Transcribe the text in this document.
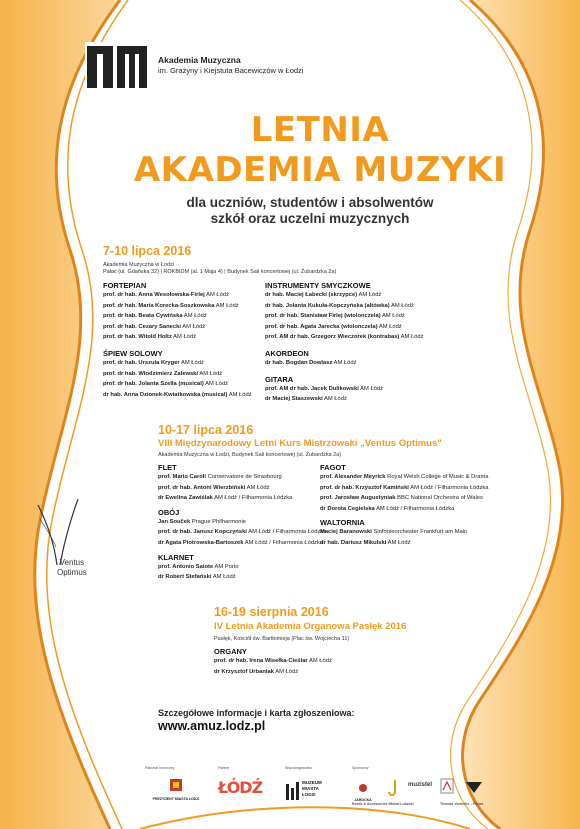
Akademia Muzyczna
im. Grażyny i Kiejstuta Bacewiczów w Łodzi
LETNIA
AKADEMIA MUZYKI
dla uczniów, studentów i absolwentów
szkół oraz uczelni muzycznych
7-10 lipca 2016
Akademia Muzyczna w Łodzi
Pałac (ul. Gdańska 32) | ROKBIDM (al. 1 Maja 4) | Budynek Sali koncertowej (ul. Żubardzka 2a)
FORTEPIAN
prof. dr hab. Anna Wesołowska-Firlej AM Łódź
prof. dr hab. Maria Korecka-Soszkowska AM Łódź
prof. dr hab. Beata Cywińska AM Łódź
prof. dr hab. Cezary Sanecki AM Łódź
prof. dr hab. Witold Holtz AM Łódź
ŚPIEW SOLOWY
prof. dr hab. Urszula Kryger AM Łódź
prof. dr hab. Włodzimierz Zalewski AM Łódź
prof. dr hab. Jolanta Szella (musical) AM Łódź
dr hab. Anna Dzionek-Kwiatkowska (musical) AM Łódź
INSTRUMENTY SMYCZKOWE
dr hab. Maciej Łabecki (skrzypce) AM Łódź
dr hab. Jolanta Kukuła-Kopczyńska (altówka) AM Łódź
prof. dr hab. Stanisław Firlej (wiolonczela) AM Łódź
prof. dr hab. Agata Jarecka (wiolonczela) AM Łódź
prof. AM dr hab. Grzegorz Wieczorek (kontrabas) AM Łódź
AKORDEON
dr hab. Bogdan Dowlasz AM Łódź
GITARA
prof. AM dr hab. Jacek Dulikowski AM Łódź
dr Maciej Staszewski AM Łódź
10-17 lipca 2016
VIII Międzynarodowy Letni Kurs Mistrzowski „Ventus Optimus"
Akademia Muzyczna w Łodzi, Budynek Sali koncertowej (ul. Żubardzka 2a)
FLET
prof. Mario Caroli Conservatoire de Strasbourg
prof. dr hab. Antoni Wierzbiński AM Łódź
dr Ewelina Zawiślak AM Łódź / Filharmonia Łódzka
OBÓJ
Jan Souček Prague Philharmonie
prof. dr hab. Janusz Kopczyński AM Łódź / Filharmonia Łódzka
dr Agata Piotrowska-Bartoszek AM Łódź / Filharmonia Łódzka
KLARNET
prof. Antonio Saiote AM Porto
dr Robert Stefański AM Łódź
FAGOT
prof. Alexander Meyrick Royal Welsh College of Music & Drama
prof. dr hab. Krzysztof Kamiński AM Łódź / Filharmonia Łódzka
prof. Jarosław Augustyniak BBC National Orchestra of Wales
dr Dorota Cegielska AM Łódź / Filharmonia Łódzka
WALTORNIA
Maciej Baranowski Sinfonieorchester Frankfurt am Main
dr hab. Dariusz Mikulski AM Łódź
Ventus
Optimus
16-19 sierpnia 2016
IV Letnia Akademia Organowa Pasłęk 2016
Pasłęk, Kościół św. Bartłomieja (Plac św. Wojciecha 11)
ORGANY
prof. dr hab. Irena Wisełka-Cieślar AM Łódź
dr Krzysztof Urbaniak AM Łódź
Szczegółowe informacje i karta zgłoszeniowa:
www.amuz.lodz.pl
Patronat honorowy	Partner	Współorganizator	Sponsorzy
PREZYDENT MIASTA ŁODZI
ŁÓDŹ	MUZEUM MIASTA ŁODZI
JAROCKA
muzistel
Reeds & Accessories Michał Lubecki	Thomas Vornelier – Flutes
